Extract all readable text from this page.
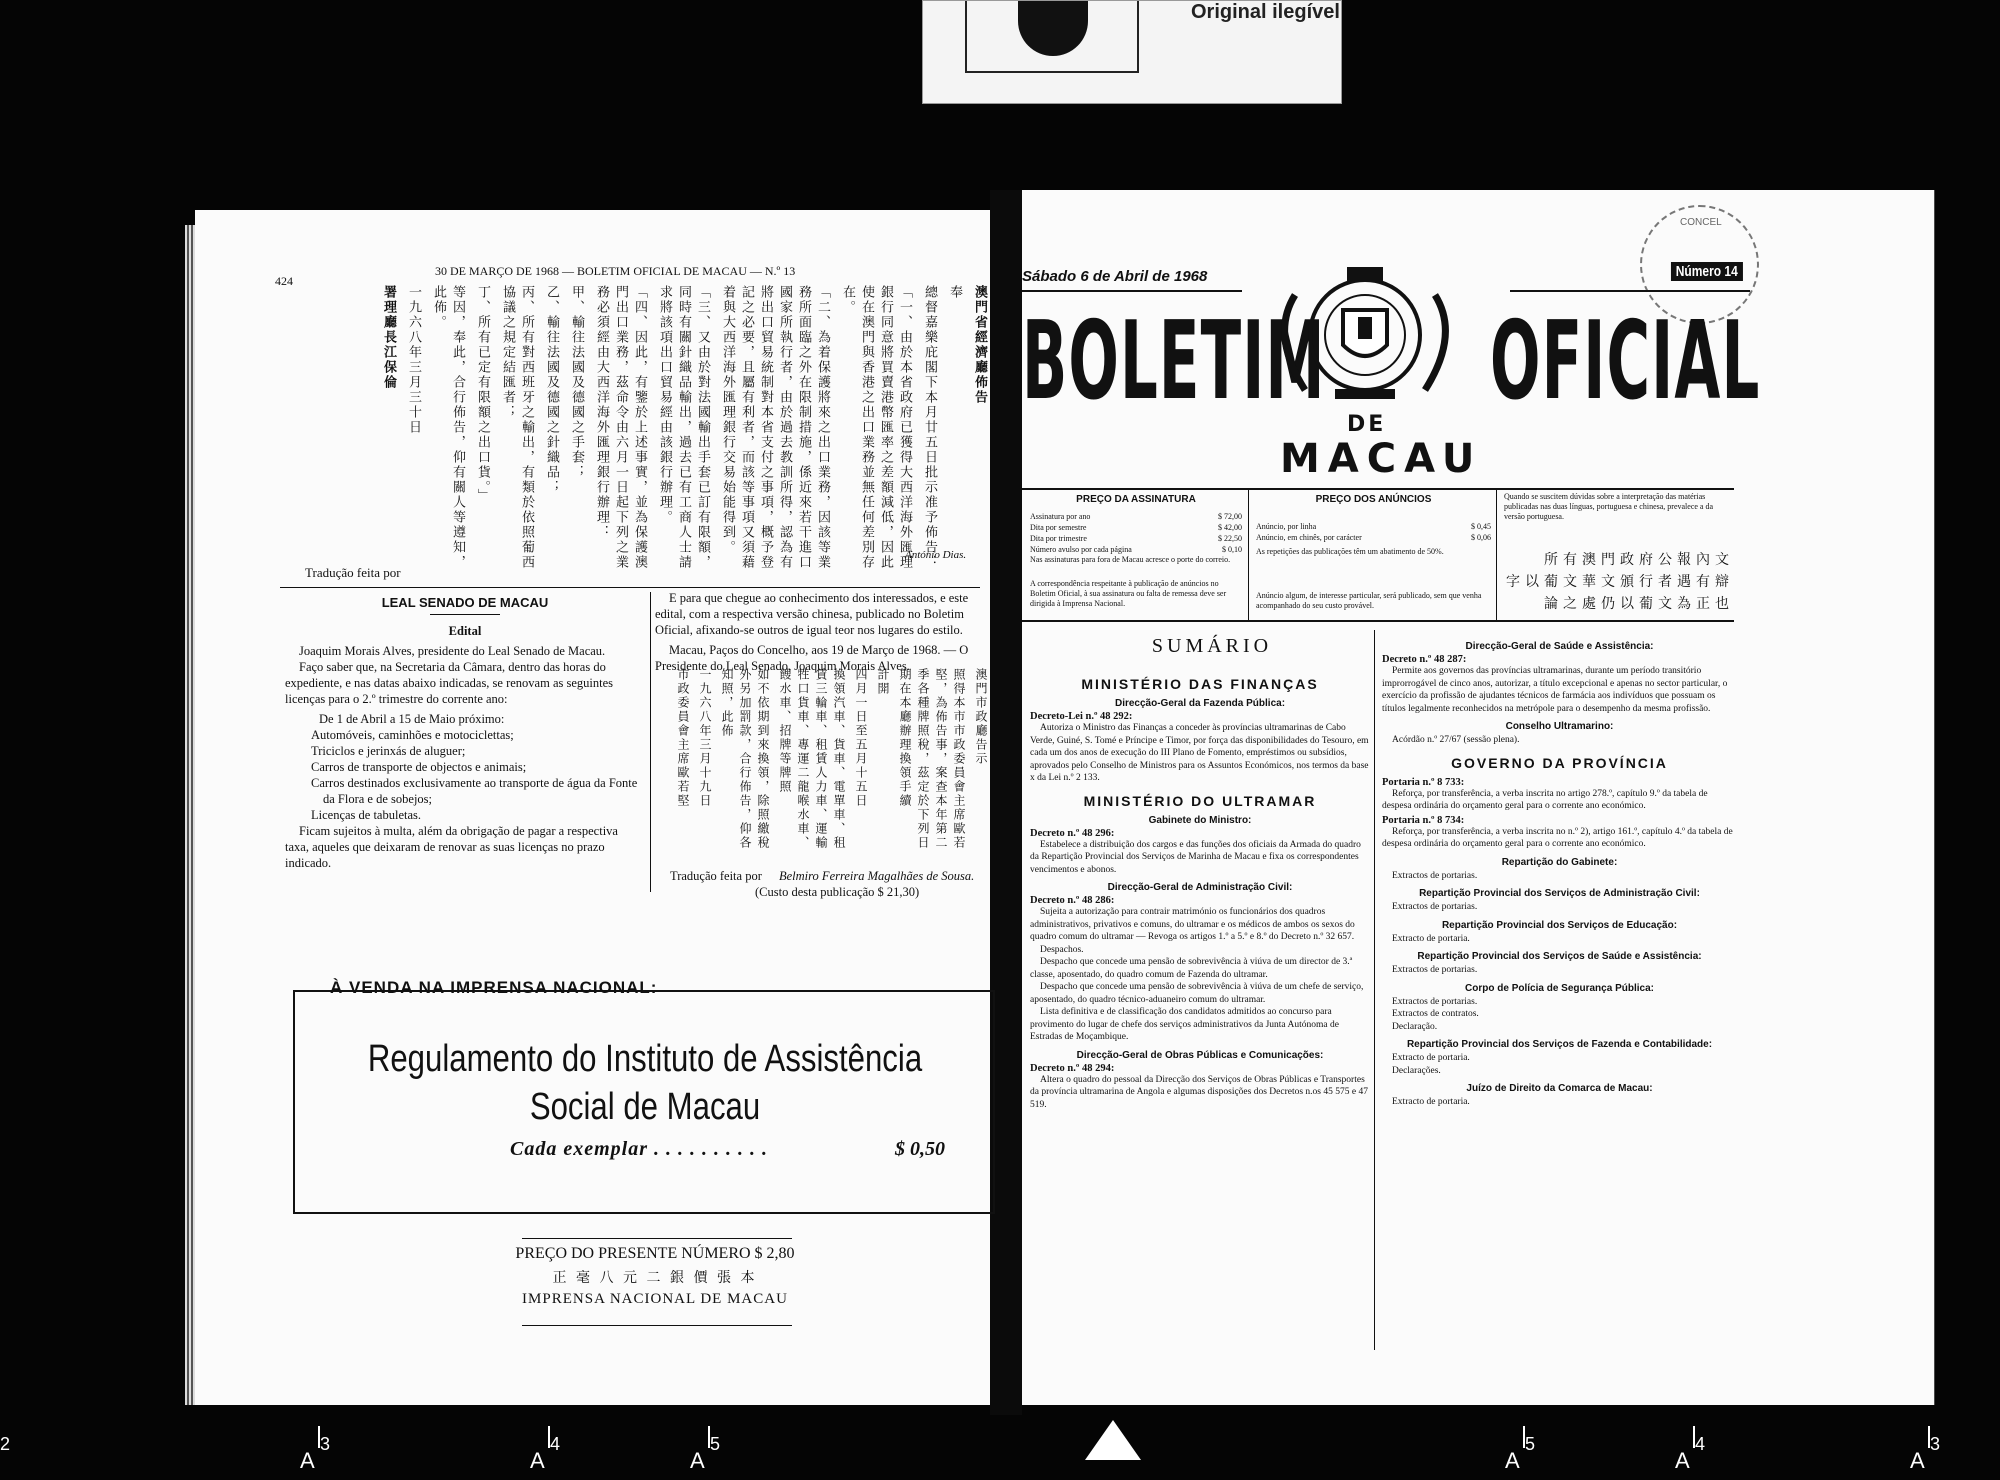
Original ilegível
424
30 DE MARÇO DE 1968 — BOLETIM OFICIAL DE MACAU — N.º 13
澳門省經濟廳佈告
奉
總督嘉樂庇閣下本月廿五日批示准予佈告：
「一、由於本省政府已獲得大西洋海外匯理銀行同意將買賣港幣匯率之差額減低，因此使在澳門與香港之出口業務並無任何差別存在。
「二、為着保護將來之出口業務，因該等業務所面臨之外在限制措施，係近來若干進口國家所執行者，由於過去教訓所得，認為有將出口貿易統制對本省支付之事項，概予登記之必要，且屬有利者，而該等事項又須藉着與大西洋海外匯理銀行交易始能得到。
「三、又由於對法國輸出手套已訂有限額，同時有關針織品輸出，過去已有工商人士請求將該項出口貿易經由該銀行辦理。
「四、因此，有鑒於上述事實，並為保護澳門出口業務，茲命令由六月一日起下列之業務必須經由大西洋海外匯理銀行辦理：
甲、輸往法國及德國之手套；
乙、輸往法國及德國之針織品；
丙、所有對西班牙之輸出，有類於依照葡西協議之規定結匯者；
丁、所有已定有限額之出口貨。」
等因，奉此，合行佈告，仰有關人等遵知，此佈。
一九六八年三月三十日
署理廳長江保倫
António Dias.
Tradução feita por
LEAL SENADO DE MACAU
Edital
Joaquim Morais Alves, presidente do Leal Senado de Macau.
Faço saber que, na Secretaria da Câmara, dentro das horas do expediente, e nas datas abaixo indicadas, se renovam as seguintes licenças para o 2.º trimestre do corrente ano:
De 1 de Abril a 15 de Maio próximo:
Automóveis, caminhões e motociclettas;
Triciclos e jerinxás de aluguer;
Carros de transporte de objectos e animais;
Carros destinados exclusivamente ao transporte de água da Fonte da Flora e de sobejos;
Licenças de tabuletas.
Ficam sujeitos à multa, além da obrigação de pagar a respectiva taxa, aqueles que deixaram de renovar as suas licenças no prazo indicado.
E para que chegue ao conhecimento dos interessados, e este edital, com a respectiva versão chinesa, publicado no Boletim Oficial, afixando-se outros de igual teor nos lugares do estilo.
Macau, Paços do Concelho, aos 19 de Março de 1968. — O Presidente do Leal Senado, Joaquim Morais Alves.
澳門市政廳告示
照得本市市政委員會主席歐若堅，為佈告事，案查本年第二季各種牌照稅，茲定於下列日期在本廳辦理換領手續
計開
四月一日至五月十五日
換領汽車、貨車、電單車、租賃三輪車、租賃人力車、運輸牲口貨車、專運二龍喉水車、餿水車、招牌等牌照
如不依期到來換領，除照繳稅外另加罰款，合行佈告，仰各知照，此佈
一九六八年三月十九日
市政委員會主席歐若堅
Tradução feita por Belmiro Ferreira Magalhães de Sousa.
(Custo desta publicação $ 21,30)
À VENDA NA IMPRENSA NACIONAL:
Regulamento do Instituto de Assistência
Social de Macau
Cada exemplar . . . . . . . . . .	$ 0,50
PREÇO DO PRESENTE NÚMERO $ 2,80
正 毫 八 元 二 銀 價 張 本
IMPRENSA NACIONAL DE MACAU
Sábado 6 de Abril de 1968	Número 14
CONCEL
BOLETIM OFICIAL
DE
MACAU
PREÇO DA ASSINATURA
Assinatura por ano	$ 72,00
Dita por semestre	$ 42,00
Dita por trimestre	$ 22,50
Número avulso por cada página	$ 0,10
Nas assinaturas para fora de Macau acresce o porte do correio.
A correspondência respeitante à publicação de anúncios no Boletim Oficial, à sua assinatura ou falta de remessa deve ser dirigida à Imprensa Nacional.
PREÇO DOS ANÚNCIOS
Anúncio, por linha	$ 0,45
Anúncio, em chinês, por carácter	$ 0,06
As repetições das publicações têm um abatimento de 50%.
Anúncio algum, de interesse particular, será publicado, sem que venha acompanhado do seu custo provável.
Quando se suscitem dúvidas sobre a interpretação das matérias publicadas nas duas línguas, portuguesa e chinesa, prevalece a da versão portuguesa.
所有澳門政府公報內文
字以葡文華文頒行者遇有辯
論之處仍以葡文為正也
SUMÁRIO
MINISTÉRIO DAS FINANÇAS
Direcção-Geral da Fazenda Pública:
Decreto-Lei n.º 48 292:
Autoriza o Ministro das Finanças a conceder às províncias ultramarinas de Cabo Verde, Guiné, S. Tomé e Príncipe e Timor, por força das disponibilidades do Tesouro, em cada um dos anos de execução do III Plano de Fomento, empréstimos ou subsídios, aprovados pelo Conselho de Ministros para os Assuntos Económicos, nos termos da base x da Lei n.º 2 133.
MINISTÉRIO DO ULTRAMAR
Gabinete do Ministro:
Decreto n.º 48 296:
Estabelece a distribuição dos cargos e das funções dos oficiais da Armada do quadro da Repartição Provincial dos Serviços de Marinha de Macau e fixa os correspondentes vencimentos e abonos.
Direcção-Geral de Administração Civil:
Decreto n.º 48 286:
Sujeita a autorização para contrair matrimónio os funcionários dos quadros administrativos, privativos e comuns, do ultramar e os médicos de ambos os sexos do quadro comum do ultramar — Revoga os artigos 1.º a 5.º e 8.º do Decreto n.º 32 657.
Despachos.
Despacho que concede uma pensão de sobrevivência à viúva de um director de 3.ª classe, aposentado, do quadro comum de Fazenda do ultramar.
Despacho que concede uma pensão de sobrevivência à viúva de um chefe de serviço, aposentado, do quadro técnico-aduaneiro comum do ultramar.
Lista definitiva e de classificação dos candidatos admitidos ao concurso para provimento do lugar de chefe dos serviços administrativos da Junta Autónoma de Estradas de Moçambique.
Direcção-Geral de Obras Públicas e Comunicações:
Decreto n.º 48 294:
Altera o quadro do pessoal da Direcção dos Serviços de Obras Públicas e Transportes da província ultramarina de Angola e algumas disposições dos Decretos n.os 45 575 e 47 519.
Direcção-Geral de Saúde e Assistência:
Decreto n.º 48 287:
Permite aos governos das províncias ultramarinas, durante um período transitório improrrogável de cinco anos, autorizar, a título excepcional e apenas no sector particular, o exercício da profissão de ajudantes técnicos de farmácia aos indivíduos que possuam os títulos legalmente reconhecidos na metrópole para o desempenho da mesma profissão.
Conselho Ultramarino:
Acórdão n.º 27/67 (sessão plena).
GOVERNO DA PROVÍNCIA
Portaria n.º 8 733:
Reforça, por transferência, a verba inscrita no artigo 278.º, capítulo 9.º da tabela de despesa ordinária do orçamento geral para o corrente ano económico.
Portaria n.º 8 734:
Reforça, por transferência, a verba inscrita no n.º 2), artigo 161.º, capítulo 4.º da tabela de despesa ordinária do orçamento geral para o corrente ano económico.
Repartição do Gabinete:
Extractos de portarias.
Repartição Provincial dos Serviços de Administração Civil:
Extractos de portarias.
Repartição Provincial dos Serviços de Educação:
Extracto de portaria.
Repartição Provincial dos Serviços de Saúde e Assistência:
Extractos de portarias.
Corpo de Polícia de Segurança Pública:
Extractos de portarias.
Extractos de contratos.
Declaração.
Repartição Provincial dos Serviços de Fazenda e Contabilidade:
Extracto de portaria.
Declarações.
Juízo de Direito da Comarca de Macau:
Extracto de portaria.
2
A
3
A
4
A
5
A
5
A
4
A
3
